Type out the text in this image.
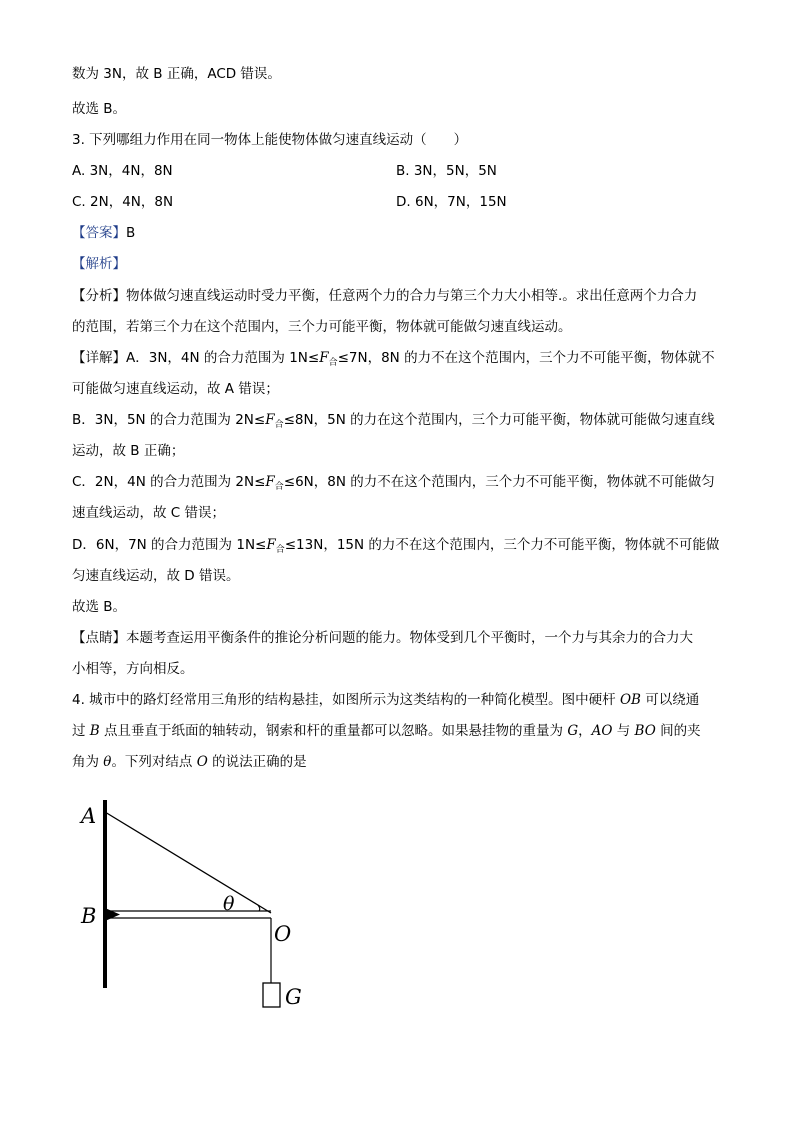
数为 3N，故 B 正确，ACD 错误。
故选 B。
3. 下列哪组力作用在同一物体上能使物体做匀速直线运动（　　）
A. 3N，4N，8N	B. 3N，5N，5N
C. 2N，4N，8N	D. 6N，7N，15N
【答案】B
【解析】
【分析】物体做匀速直线运动时受力平衡，任意两个力的合力与第三个力大小相等.。求出任意两个力合力
的范围，若第三个力在这个范围内，三个力可能平衡，物体就可能做匀速直线运动。
【详解】A．3N，4N 的合力范围为 $1N\le F_合\le 7N$，8N 的力不在这个范围内，三个力不可能平衡，物体就不
可能做匀速直线运动，故 A 错误；
B．3N，5N 的合力范围为 $2N\le F_合\le 8N$，5N 的力在这个范围内，三个力可能平衡，物体就可能做匀速直线
运动，故 B 正确；
C．2N，4N 的合力范围为 $2N\le F_合\le 6N$，8N 的力不在这个范围内，三个力不可能平衡，物体就不可能做匀
速直线运动，故 C 错误；
D．6N，7N 的合力范围为 $1N\le F_合\le 13N$，15N 的力不在这个范围内，三个力不可能平衡，物体就不可能做
匀速直线运动，故 D 错误。
故选 B。
【点睛】本题考查运用平衡条件的推论分析问题的能力。物体受到几个平衡时，一个力与其余力的合力大
小相等，方向相反。
4. 城市中的路灯经常用三角形的结构悬挂，如图所示为这类结构的一种简化模型。图中硬杆 OB 可以绕通
过 B 点且垂直于纸面的轴转动，钢索和杆的重量都可以忽略。如果悬挂物的重量为 G，AO 与 BO 间的夹
角为 θ。下列对结点 O 的说法正确的是
A
B
O
G
θ
